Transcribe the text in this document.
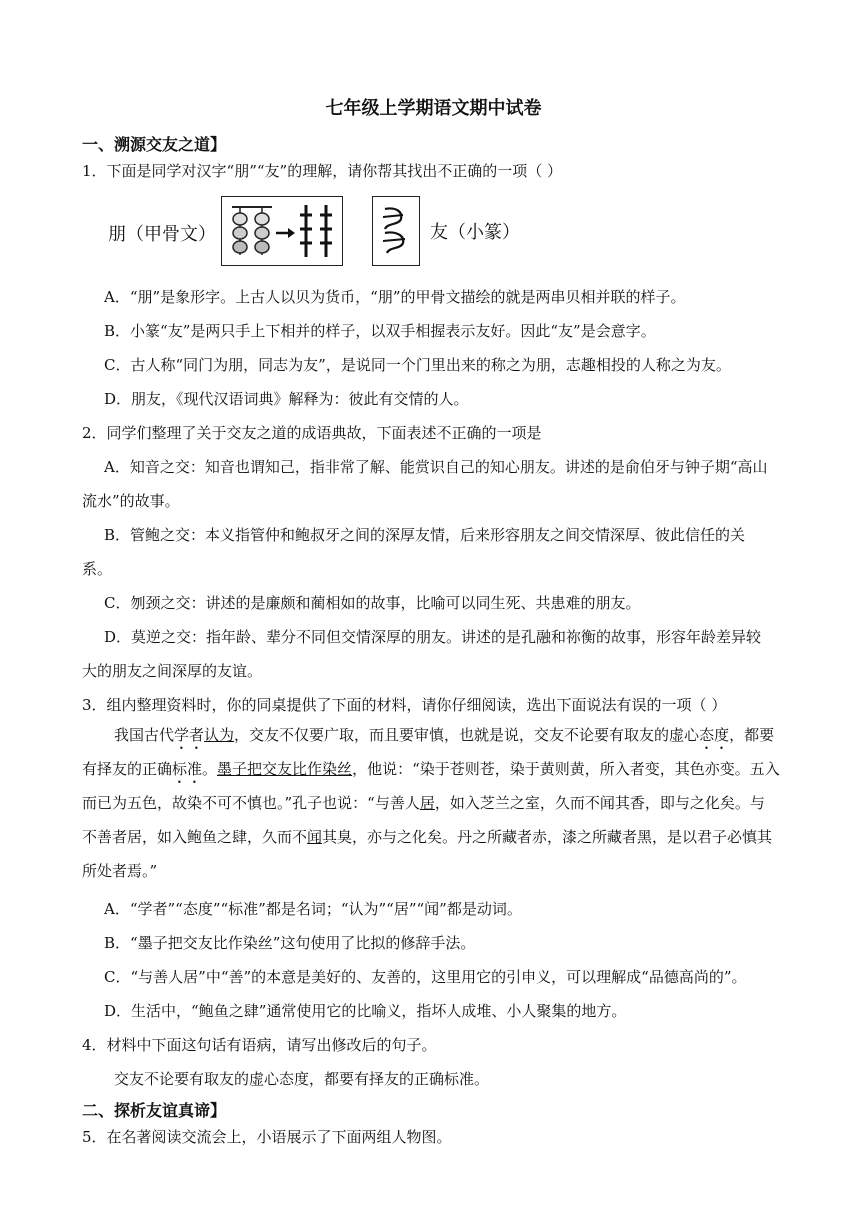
七年级上学期语文期中试卷
一、溯源交友之道】
1．下面是同学对汉字“朋”“友”的理解，请你帮其找出不正确的一项（ ）
朋（甲骨文）	友（小篆）
A．“朋”是象形字。上古人以贝为货币，“朋”的甲骨文描绘的就是两串贝相并联的样子。
B．小篆“友”是两只手上下相并的样子，以双手相握表示友好。因此“友”是会意字。
C．古人称“同门为朋，同志为友”，是说同一个门里出来的称之为朋，志趣相投的人称之为友。
D．朋友，《现代汉语词典》解释为：彼此有交情的人。
2．同学们整理了关于交友之道的成语典故，下面表述不正确的一项是
A．知音之交：知音也谓知己，指非常了解、能赏识自己的知心朋友。讲述的是俞伯牙与钟子期“高山
流水”的故事。
B．管鲍之交：本义指管仲和鲍叔牙之间的深厚友情，后来形容朋友之间交情深厚、彼此信任的关
系。
C．刎颈之交：讲述的是廉颇和蔺相如的故事，比喻可以同生死、共患难的朋友。
D．莫逆之交：指年龄、辈分不同但交情深厚的朋友。讲述的是孔融和祢衡的故事，形容年龄差异较
大的朋友之间深厚的友谊。
3．组内整理资料时，你的同桌提供了下面的材料，请你仔细阅读，选出下面说法有误的一项（ ）
我国古代学者认为，交友不仅要广取，而且要审慎，也就是说，交友不论要有取友的虚心态度，都要
有择友的正确标准。墨子把交友比作染丝，他说：“染于苍则苍，染于黄则黄，所入者变，其色亦变。五入
而已为五色，故染不可不慎也。”孔子也说：“与善人居，如入芝兰之室，久而不闻其香，即与之化矣。与
不善者居，如入鲍鱼之肆，久而不闻其臭，亦与之化矣。丹之所藏者赤，漆之所藏者黑，是以君子必慎其
所处者焉。”
A．“学者”“态度”“标准”都是名词；“认为”“居”“闻”都是动词。
B．“墨子把交友比作染丝”这句使用了比拟的修辞手法。
C．“与善人居”中“善”的本意是美好的、友善的，这里用它的引申义，可以理解成“品德高尚的”。
D．生活中，“鲍鱼之肆”通常使用它的比喻义，指坏人成堆、小人聚集的地方。
4．材料中下面这句话有语病，请写出修改后的句子。
交友不论要有取友的虚心态度，都要有择友的正确标准。
二、探析友谊真谛】
5．在名著阅读交流会上，小语展示了下面两组人物图。
